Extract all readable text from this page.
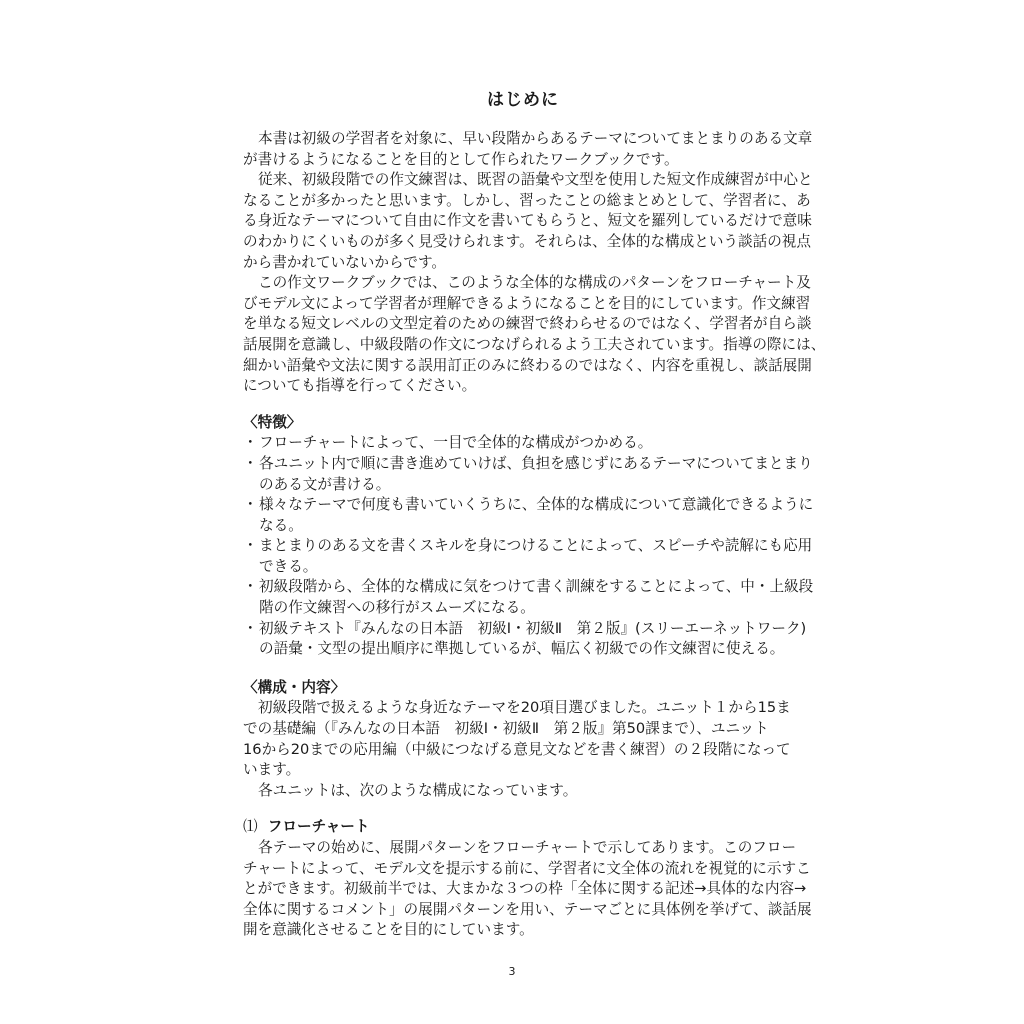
はじめに
本書は初級の学習者を対象に、早い段階からあるテーマについてまとまりのある文章
が書けるようになることを目的として作られたワークブックです。
従来、初級段階での作文練習は、既習の語彙や文型を使用した短文作成練習が中心と
なることが多かったと思います。しかし、習ったことの総まとめとして、学習者に、あ
る身近なテーマについて自由に作文を書いてもらうと、短文を羅列しているだけで意味
のわかりにくいものが多く見受けられます。それらは、全体的な構成という談話の視点
から書かれていないからです。
この作文ワークブックでは、このような全体的な構成のパターンをフローチャート及
びモデル文によって学習者が理解できるようになることを目的にしています。作文練習
を単なる短文レベルの文型定着のための練習で終わらせるのではなく、学習者が自ら談
話展開を意識し、中級段階の作文につなげられるよう工夫されています。指導の際には、
細かい語彙や文法に関する誤用訂正のみに終わるのではなく、内容を重視し、談話展開
についても指導を行ってください。
〈特徴〉
・ フローチャートによって、一目で全体的な構成がつかめる。
・ 各ユニット内で順に書き進めていけば、負担を感じずにあるテーマについてまとまり
のある文が書ける。
・ 様々なテーマで何度も書いていくうちに、全体的な構成について意識化できるように
なる。
・ まとまりのある文を書くスキルを身につけることによって、スピーチや読解にも応用
できる。
・ 初級段階から、全体的な構成に気をつけて書く訓練をすることによって、中・上級段
階の作文練習への移行がスムーズになる。
・ 初級テキスト『みんなの日本語　初級Ⅰ・初級Ⅱ　第２版』(スリーエーネットワーク)
の語彙・文型の提出順序に準拠しているが、幅広く初級での作文練習に使える。
〈構成・内容〉
初級段階で扱えるような身近なテーマを20項目選びました。ユニット１から15ま
での基礎編（『みんなの日本語　初級Ⅰ・初級Ⅱ　第２版』第50課まで）、ユニット
16から20までの応用編（中級につなげる意見文などを書く練習）の２段階になって
います。
各ユニットは、次のような構成になっています。
⑴ フローチャート
各テーマの始めに、展開パターンをフローチャートで示してあります。このフロー
チャートによって、モデル文を提示する前に、学習者に文全体の流れを視覚的に示すこ
とができます。初級前半では、大まかな３つの枠「全体に関する記述→具体的な内容→
全体に関するコメント」の展開パターンを用い、テーマごとに具体例を挙げて、談話展
開を意識化させることを目的にしています。
3
